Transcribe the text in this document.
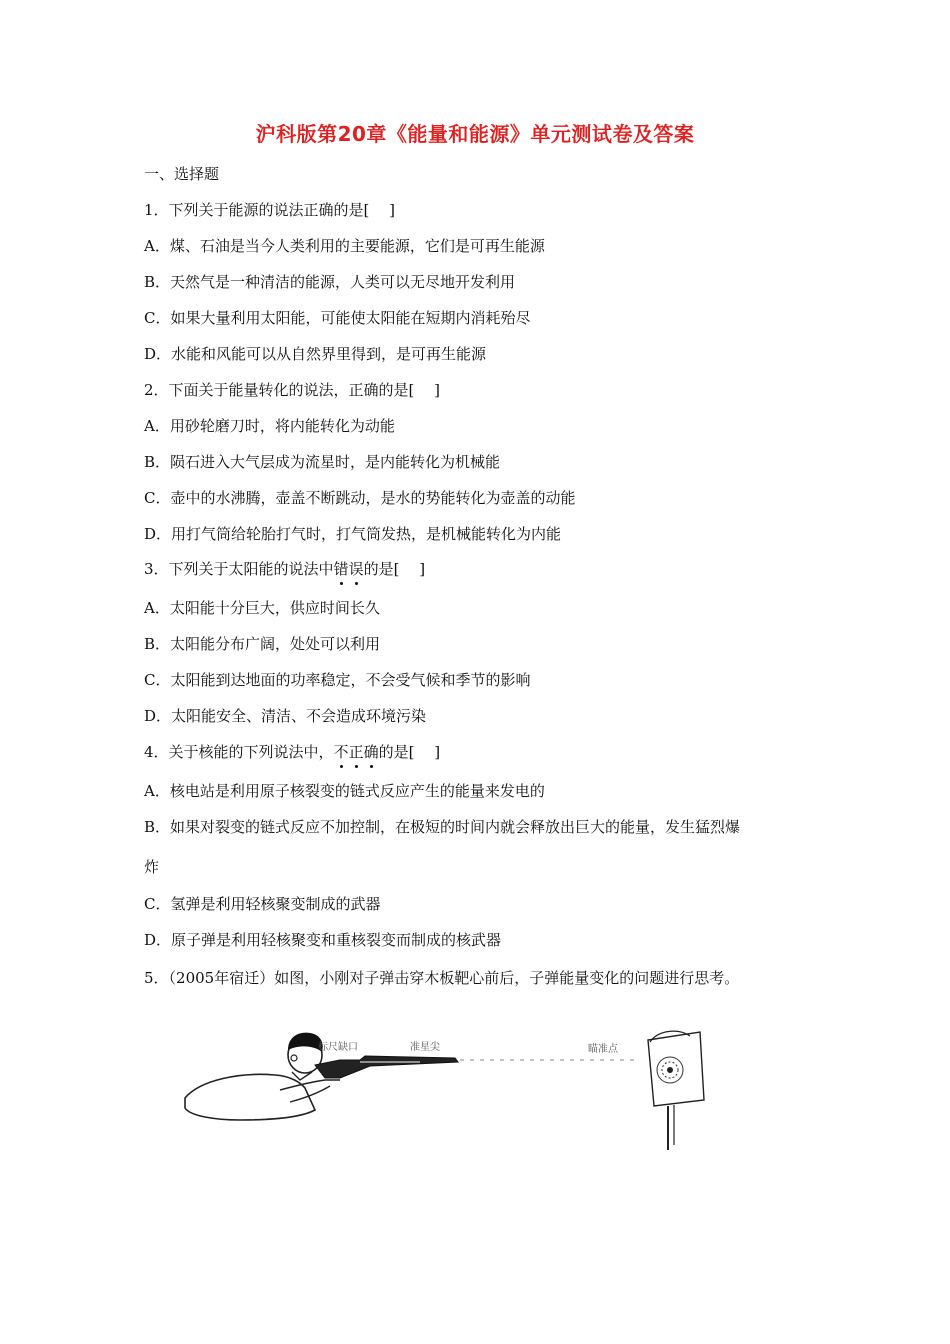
沪科版第20章《能量和能源》单元测试卷及答案
一、选择题
1．下列关于能源的说法正确的是[　 ]
A．煤、石油是当今人类利用的主要能源，它们是可再生能源
B．天然气是一种清洁的能源，人类可以无尽地开发利用
C．如果大量利用太阳能，可能使太阳能在短期内消耗殆尽
D．水能和风能可以从自然界里得到，是可再生能源
2．下面关于能量转化的说法，正确的是[　 ]
A．用砂轮磨刀时，将内能转化为动能
B．陨石进入大气层成为流星时，是内能转化为机械能
C．壶中的水沸腾，壶盖不断跳动，是水的势能转化为壶盖的动能
D．用打气筒给轮胎打气时，打气筒发热，是机械能转化为内能
3．下列关于太阳能的说法中错误的是[　 ]
A．太阳能十分巨大，供应时间长久
B．太阳能分布广阔，处处可以利用
C．太阳能到达地面的功率稳定，不会受气候和季节的影响
D．太阳能安全、清洁、不会造成环境污染
4．关于核能的下列说法中，不正确的是[　 ]
A．核电站是利用原子核裂变的链式反应产生的能量来发电的
B．如果对裂变的链式反应不加控制，在极短的时间内就会释放出巨大的能量，发生猛烈爆
炸
C．氢弹是利用轻核聚变制成的武器
D．原子弹是利用轻核聚变和重核裂变而制成的核武器
5．（2005年宿迁）如图，小刚对子弹击穿木板靶心前后，子弹能量变化的问题进行思考。
标尺缺口	准星尖	瞄准点
